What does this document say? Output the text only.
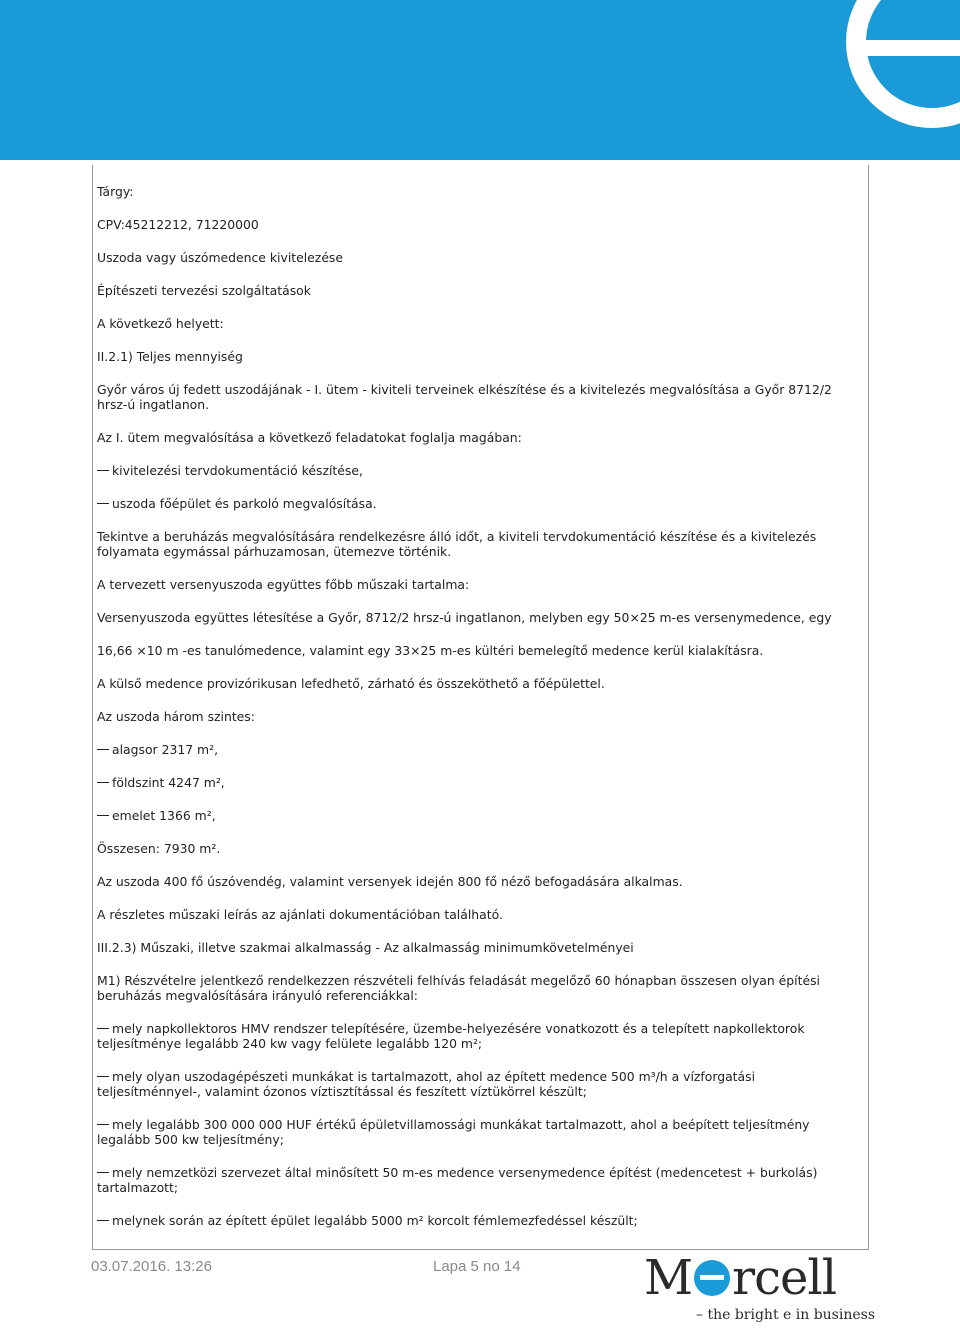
Tárgy:

CPV:45212212, 71220000

Uszoda vagy úszómedence kivitelezése

Építészeti tervezési szolgáltatások

A következő helyett:

II.2.1) Teljes mennyiség

Győr város új fedett uszodájának - I. ütem - kiviteli terveinek elkészítése és a kivitelezés megvalósítása a Győr 8712/2 hrsz-ú ingatlanon.

Az I. ütem megvalósítása a következő feladatokat foglalja magában:

kivitelezési tervdokumentáció készítése,

uszoda főépület és parkoló megvalósítása.

Tekintve a beruházás megvalósítására rendelkezésre álló időt, a kiviteli tervdokumentáció készítése és a kivitelezés folyamata egymással párhuzamosan, ütemezve történik.

A tervezett versenyuszoda együttes főbb műszaki tartalma:

Versenyuszoda együttes létesítése a Győr, 8712/2 hrsz-ú ingatlanon, melyben egy 50×25 m-es versenymedence, egy

16,66 ×10 m -es tanulómedence, valamint egy 33×25 m-es kültéri bemelegítő medence kerül kialakításra.

A külső medence provizórikusan lefedhető, zárható és összeköthető a főépülettel.

Az uszoda három szintes:

alagsor 2317 m²,

földszint 4247 m²,

emelet 1366 m²,

Összesen: 7930 m².

Az uszoda 400 fő úszóvendég, valamint versenyek idején 800 fő néző befogadására alkalmas.

A részletes műszaki leírás az ajánlati dokumentációban található.

III.2.3) Műszaki, illetve szakmai alkalmasság - Az alkalmasság minimumkövetelményei

M1) Részvételre jelentkező rendelkezzen részvételi felhívás feladását megelőző 60 hónapban összesen olyan építési beruházás megvalósítására irányuló referenciákkal:

mely napkollektoros HMV rendszer telepítésére, üzembe-helyezésére vonatkozott és a telepített napkollektorok teljesítménye legalább 240 kw vagy felülete legalább 120 m²;

mely olyan uszodagépészeti munkákat is tartalmazott, ahol az épített medence 500 m³/h a vízforgatási teljesítménnyel-, valamint ózonos víztisztítással és feszített víztükörrel készült;

mely legalább 300 000 000 HUF értékű épületvillamossági munkákat tartalmazott, ahol a beépített teljesítmény legalább 500 kw teljesítmény;

mely nemzetközi szervezet által minősített 50 m-es medence versenymedence építést (medencetest + burkolás) tartalmazott;

melynek során az épített épület legalább 5000 m² korcolt fémlemezfedéssel készült;

03.07.2016. 13:26	Lapa 5 no 14	M rcell
– the bright e in business
